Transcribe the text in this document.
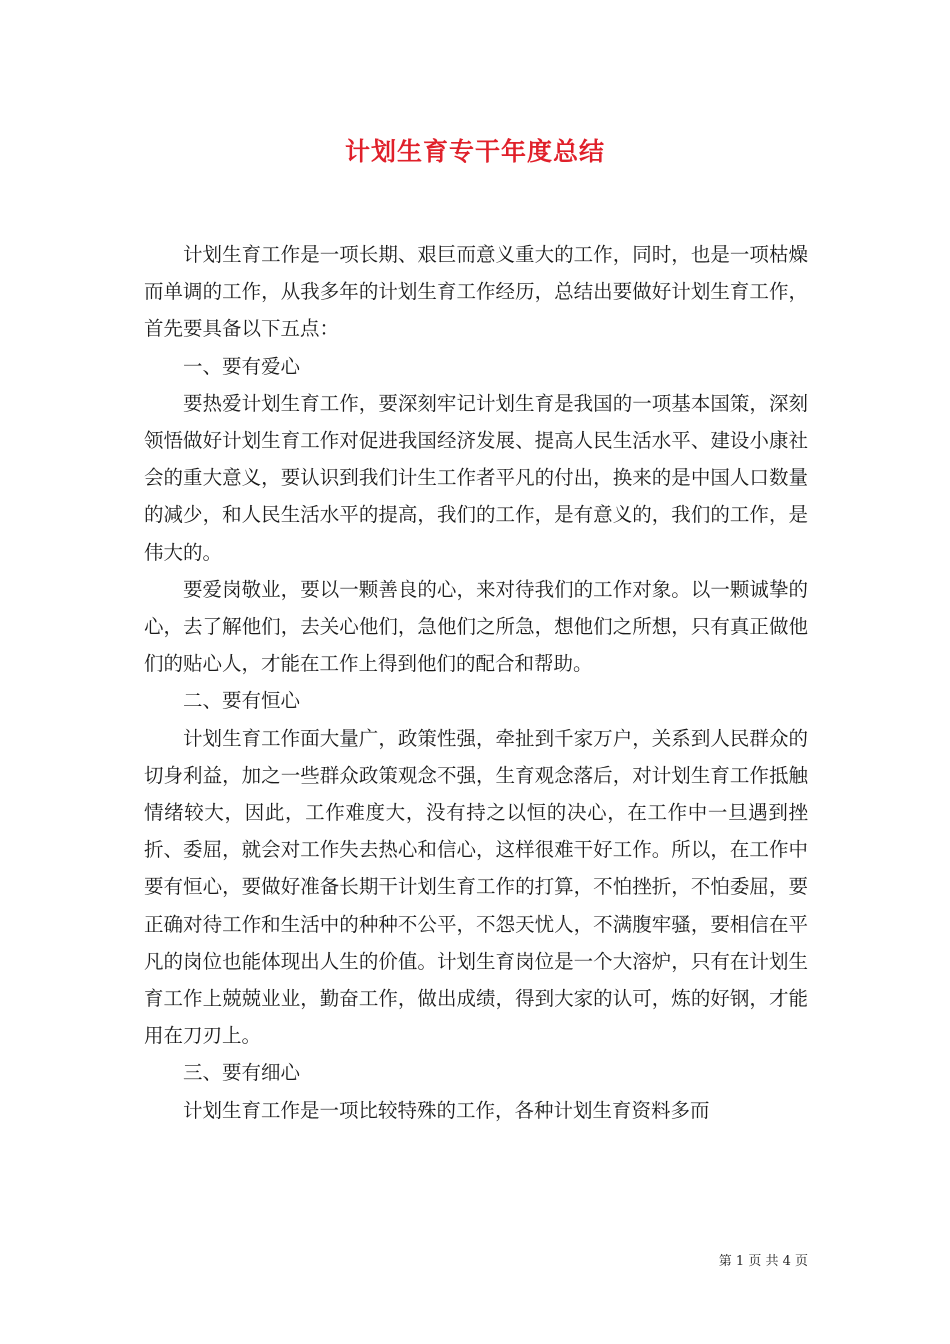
计划生育专干年度总结

计划生育工作是一项长期、艰巨而意义重大的工作，同时，也是一项枯燥而单调的工作，从我多年的计划生育工作经历，总结出要做好计划生育工作，首先要具备以下五点：

一、要有爱心

要热爱计划生育工作，要深刻牢记计划生育是我国的一项基本国策，深刻领悟做好计划生育工作对促进我国经济发展、提高人民生活水平、建设小康社会的重大意义，要认识到我们计生工作者平凡的付出，换来的是中国人口数量的减少，和人民生活水平的提高，我们的工作，是有意义的，我们的工作，是伟大的。

要爱岗敬业，要以一颗善良的心，来对待我们的工作对象。以一颗诚挚的心，去了解他们，去关心他们，急他们之所急，想他们之所想，只有真正做他们的贴心人，才能在工作上得到他们的配合和帮助。

二、要有恒心

计划生育工作面大量广，政策性强，牵扯到千家万户，关系到人民群众的切身利益，加之一些群众政策观念不强，生育观念落后，对计划生育工作抵触情绪较大，因此，工作难度大，没有持之以恒的决心，在工作中一旦遇到挫折、委屈，就会对工作失去热心和信心，这样很难干好工作。所以，在工作中要有恒心，要做好准备长期干计划生育工作的打算，不怕挫折，不怕委屈，要正确对待工作和生活中的种种不公平，不怨天忧人，不满腹牢骚，要相信在平凡的岗位也能体现出人生的价值。计划生育岗位是一个大溶炉，只有在计划生育工作上兢兢业业，勤奋工作，做出成绩，得到大家的认可，炼的好钢，才能用在刀刃上。

三、要有细心

计划生育工作是一项比较特殊的工作，各种计划生育资料多而

第 1 页 共 4 页
